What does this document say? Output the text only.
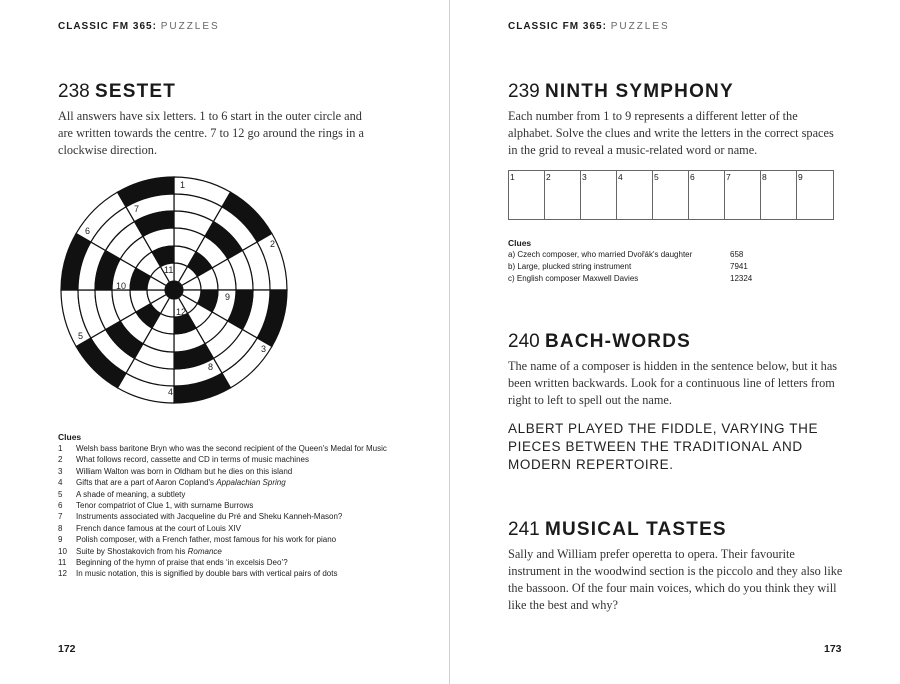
CLASSIC FM 365: PUZZLES
238 SESTET
All answers have six letters. 1 to 6 start in the outer circle and are written towards the centre. 7 to 12 go around the rings in a clockwise direction.
1
2
3
4
5
6
7
8
9
10
11
12
Clues
1	Welsh bass baritone Bryn who was the second recipient of the Queen's Medal for Music
2	What follows record, cassette and CD in terms of music machines
3	William Walton was born in Oldham but he dies on this island
4	Gifts that are a part of Aaron Copland's Appalachian Spring
5	A shade of meaning, a subtlety
6	Tenor compatriot of Clue 1, with surname Burrows
7	Instruments associated with Jacqueline du Pré and Sheku Kanneh-Mason?
8	French dance famous at the court of Louis XIV
9	Polish composer, with a French father, most famous for his work for piano
10	Suite by Shostakovich from his Romance
11	Beginning of the hymn of praise that ends ‘in excelsis Deo’?
12	In music notation, this is signified by double bars with vertical pairs of dots
172
CLASSIC FM 365: PUZZLES
239 NINTH SYMPHONY
Each number from 1 to 9 represents a different letter of the alphabet. Solve the clues and write the letters in the correct spaces in the grid to reveal a music-related word or name.
1	2	3	4	5	6	7	8	9
Clues
a) Czech composer, who married Dvořák's daughter	658
b) Large, plucked string instrument	7941
c) English composer Maxwell Davies	12324
240 BACH-WORDS
The name of a composer is hidden in the sentence below, but it has been written backwards. Look for a continuous line of letters from right to left to spell out the name.
ALBERT PLAYED THE FIDDLE, VARYING THE PIECES BETWEEN THE TRADITIONAL AND MODERN REPERTOIRE.
241 MUSICAL TASTES
Sally and William prefer operetta to opera. Their favourite instrument in the woodwind section is the piccolo and they also like the bassoon. Of the four main voices, which do you think they will like the best and why?
173
